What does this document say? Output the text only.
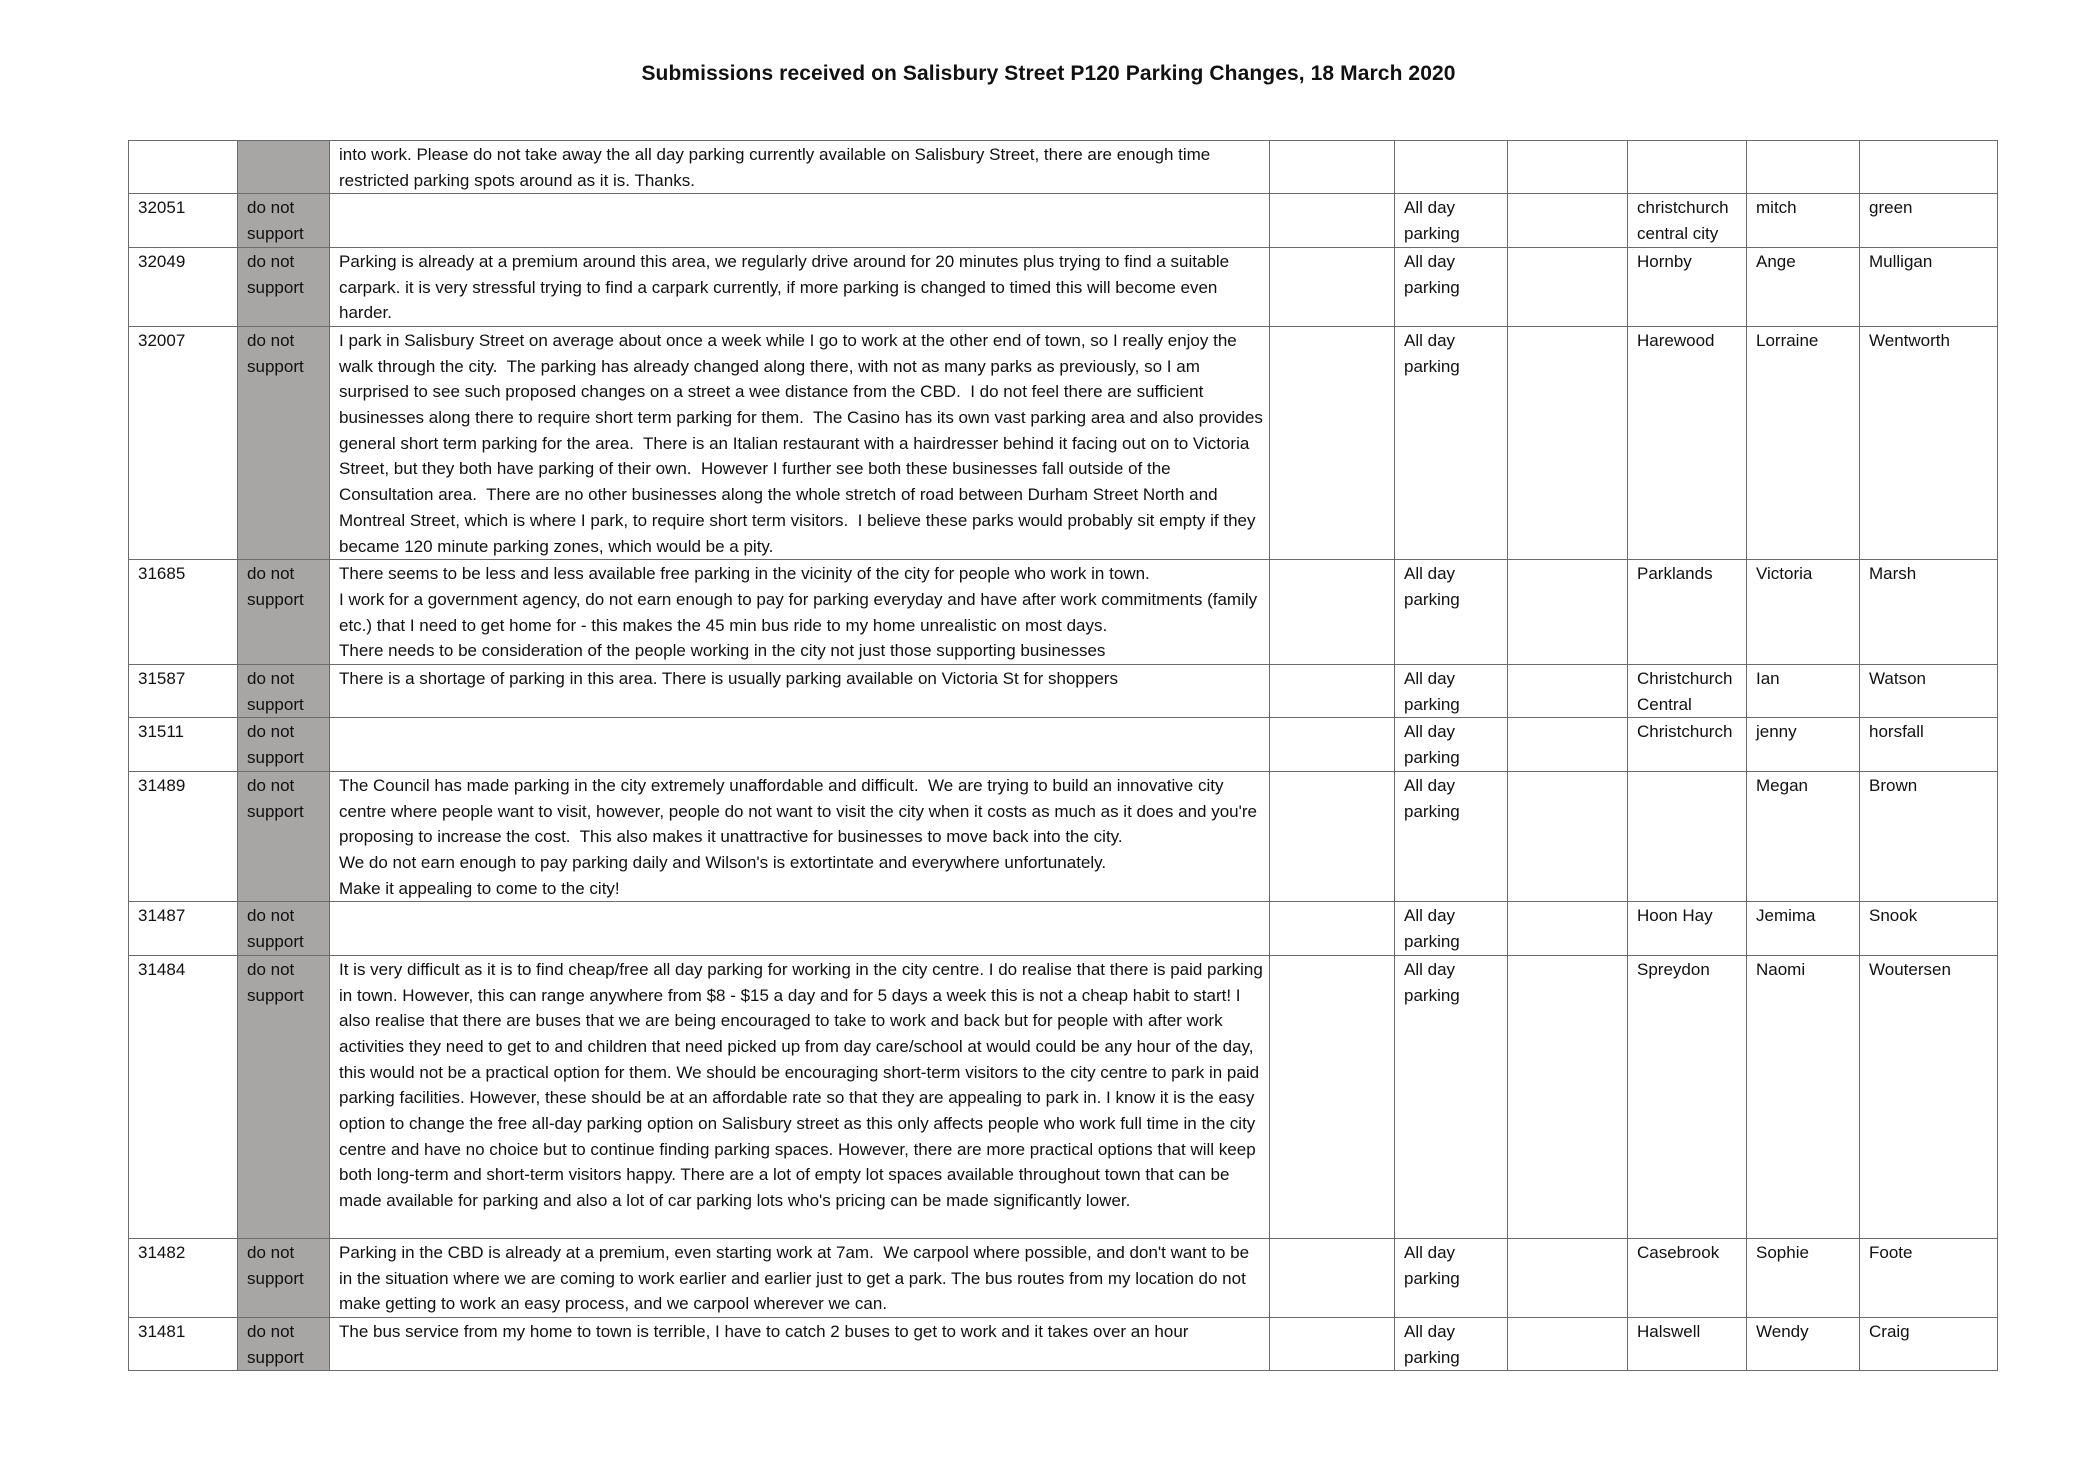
Submissions received on Salisbury Street P120 Parking Changes, 18 March 2020
		into work. Please do not take away the all day parking currently available on Salisbury Street, there are enough time restricted parking spots around as it is. Thanks.						
32051	do not support			All day parking		christchurch central city	mitch	green
32049	do not support	Parking is already at a premium around this area, we regularly drive around for 20 minutes plus trying to find a suitable carpark. it is very stressful trying to find a carpark currently, if more parking is changed to timed this will become even harder.		All day parking		Hornby	Ange	Mulligan
32007	do not support	I park in Salisbury Street on average about once a week while I go to work at the other end of town, so I really enjoy the walk through the city.  The parking has already changed along there, with not as many parks as previously, so I am surprised to see such proposed changes on a street a wee distance from the CBD.  I do not feel there are sufficient businesses along there to require short term parking for them.  The Casino has its own vast parking area and also provides general short term parking for the area.  There is an Italian restaurant with a hairdresser behind it facing out on to Victoria Street, but they both have parking of their own.  However I further see both these businesses fall outside of the Consultation area.  There are no other businesses along the whole stretch of road between Durham Street North and Montreal Street, which is where I park, to require short term visitors.  I believe these parks would probably sit empty if they became 120 minute parking zones, which would be a pity.		All day parking		Harewood	Lorraine	Wentworth
31685	do not support	There seems to be less and less available free parking in the vicinity of the city for people who work in town.
I work for a government agency, do not earn enough to pay for parking everyday and have after work commitments (family etc.) that I need to get home for - this makes the 45 min bus ride to my home unrealistic on most days.
There needs to be consideration of the people working in the city not just those supporting businesses		All day parking		Parklands	Victoria	Marsh
31587	do not support	There is a shortage of parking in this area. There is usually parking available on Victoria St for shoppers		All day parking		Christchurch Central	Ian	Watson
31511	do not support			All day parking		Christchurch	jenny	horsfall
31489	do not support	The Council has made parking in the city extremely unaffordable and difficult.  We are trying to build an innovative city centre where people want to visit, however, people do not want to visit the city when it costs as much as it does and you're proposing to increase the cost.  This also makes it unattractive for businesses to move back into the city.
We do not earn enough to pay parking daily and Wilson's is extortintate and everywhere unfortunately.
Make it appealing to come to the city!		All day parking			Megan	Brown
31487	do not support			All day parking		Hoon Hay	Jemima	Snook
31484	do not support	It is very difficult as it is to find cheap/free all day parking for working in the city centre. I do realise that there is paid parking in town. However, this can range anywhere from $8 - $15 a day and for 5 days a week this is not a cheap habit to start! I also realise that there are buses that we are being encouraged to take to work and back but for people with after work activities they need to get to and children that need picked up from day care/school at would could be any hour of the day, this would not be a practical option for them. We should be encouraging short-term visitors to the city centre to park in paid parking facilities. However, these should be at an affordable rate so that they are appealing to park in. I know it is the easy option to change the free all-day parking option on Salisbury street as this only affects people who work full time in the city centre and have no choice but to continue finding parking spaces. However, there are more practical options that will keep both long-term and short-term visitors happy. There are a lot of empty lot spaces available throughout town that can be made available for parking and also a lot of car parking lots who's pricing can be made significantly lower.		All day parking		Spreydon	Naomi	Woutersen
31482	do not support	Parking in the CBD is already at a premium, even starting work at 7am.  We carpool where possible, and don't want to be in the situation where we are coming to work earlier and earlier just to get a park. The bus routes from my location do not make getting to work an easy process, and we carpool wherever we can.		All day parking		Casebrook	Sophie	Foote
31481	do not support	The bus service from my home to town is terrible, I have to catch 2 buses to get to work and it takes over an hour		All day parking		Halswell	Wendy	Craig
